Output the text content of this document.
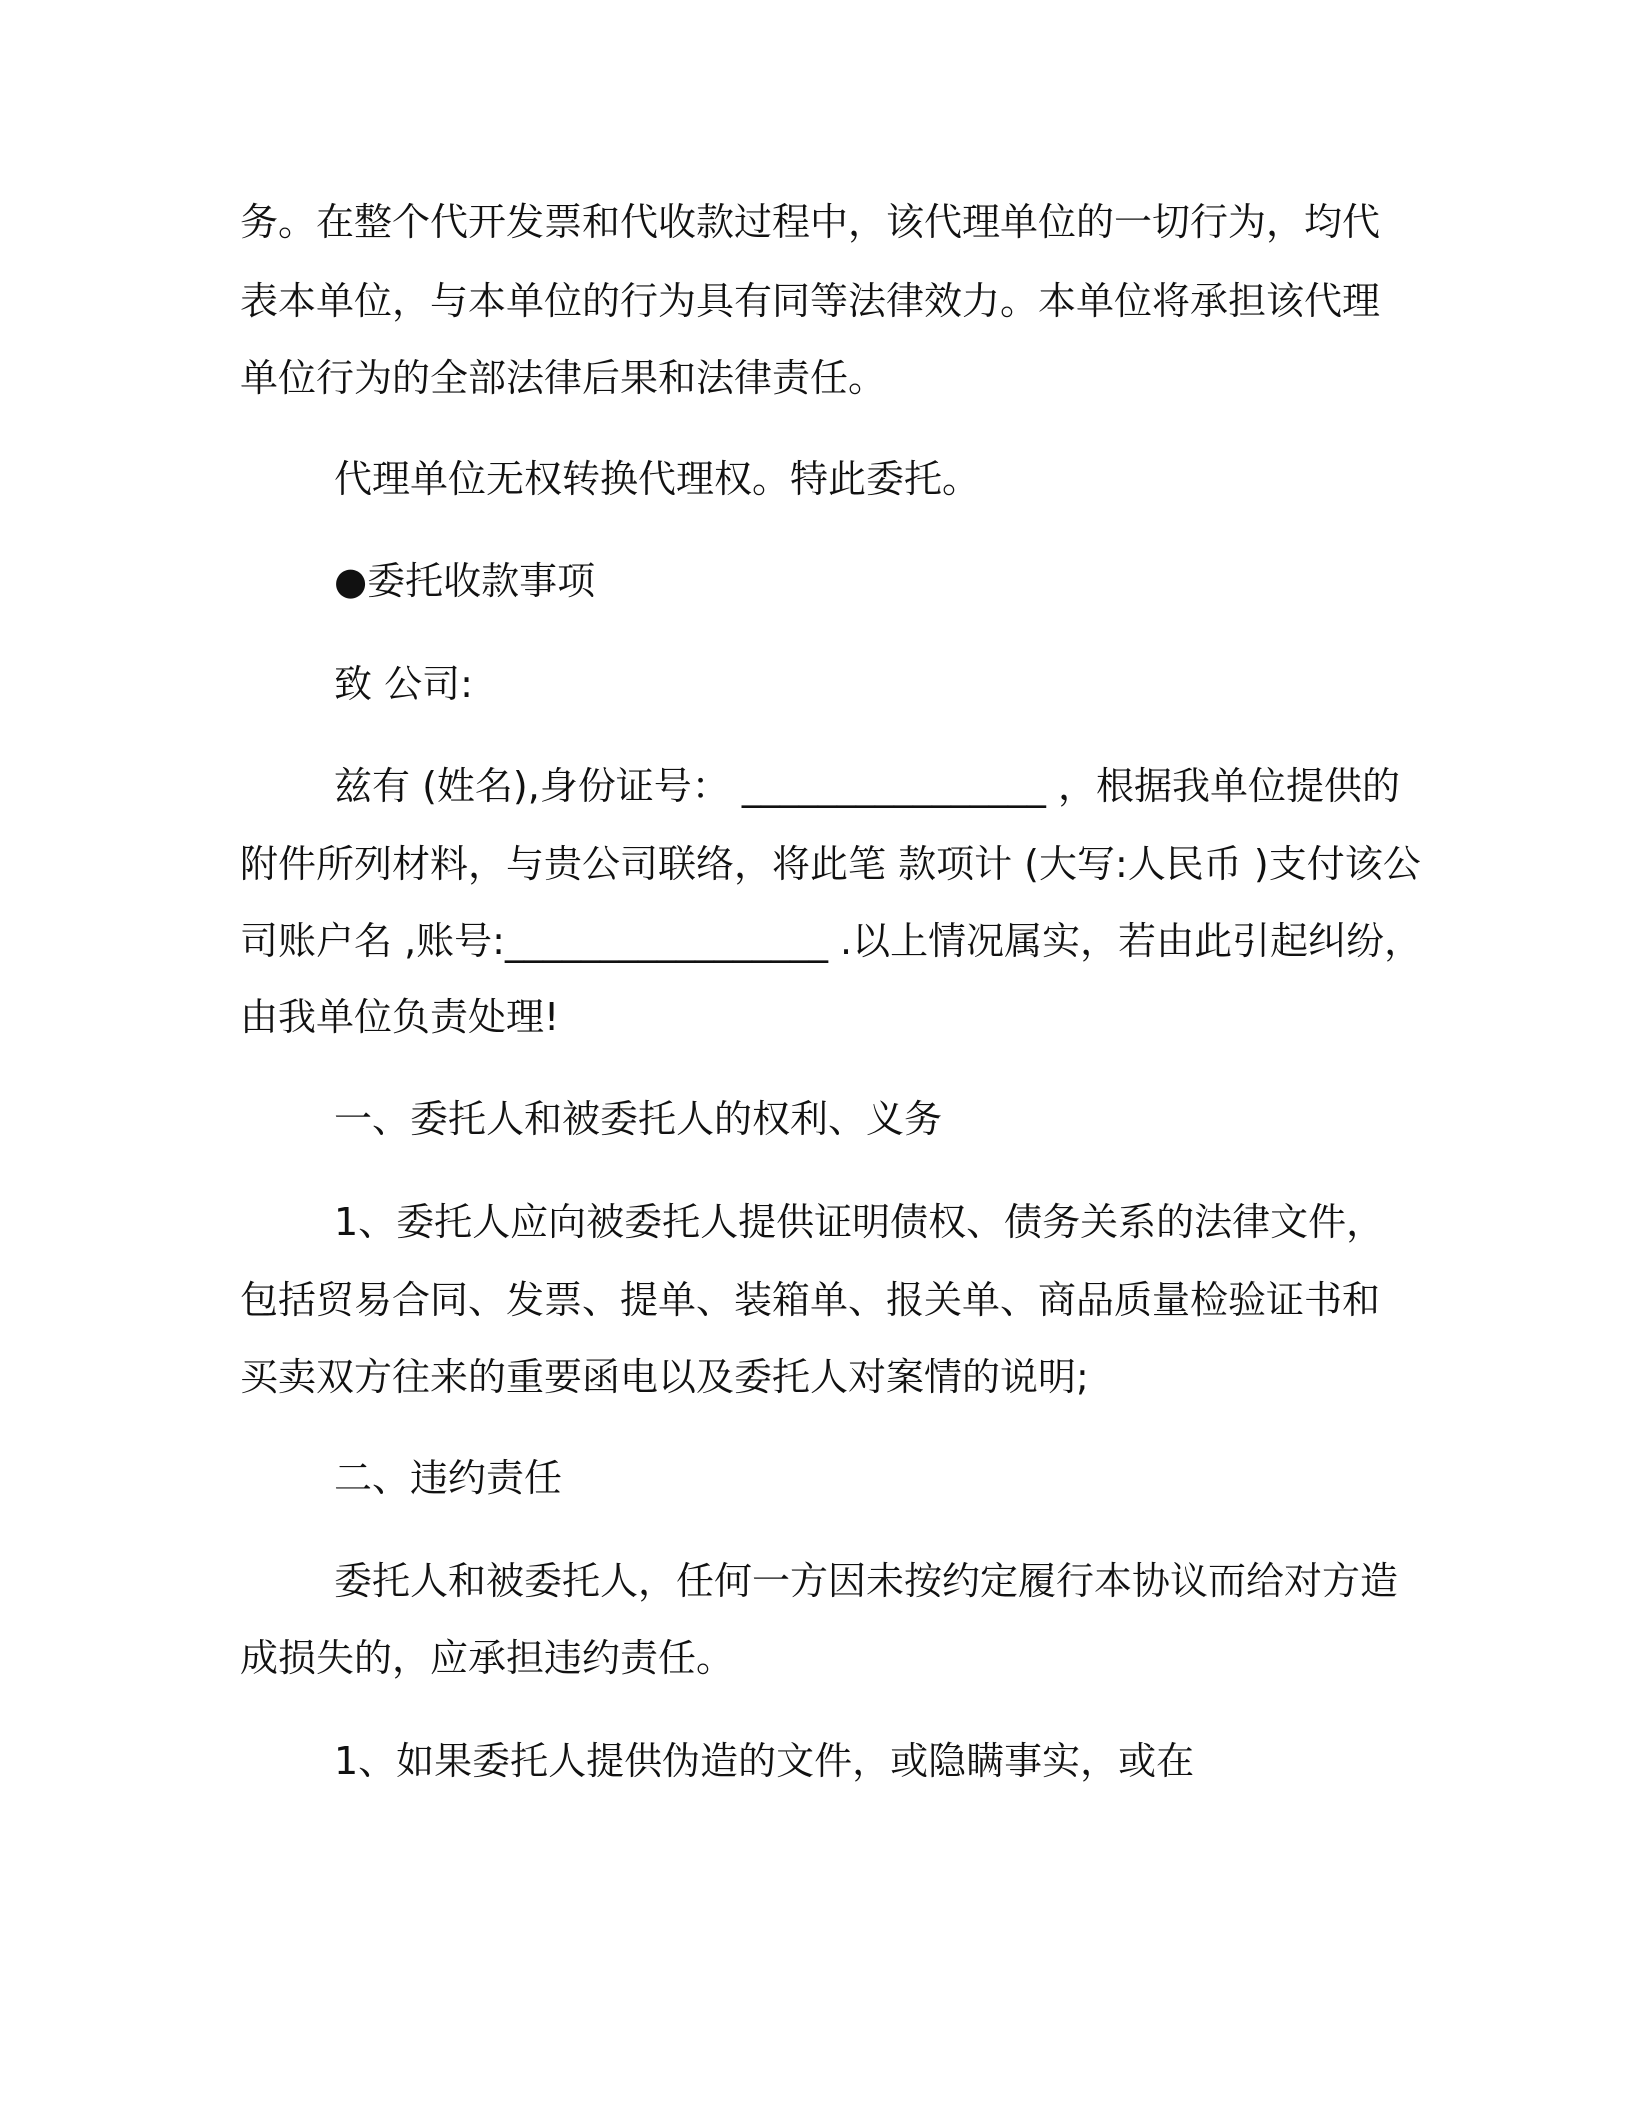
务。在整个代开发票和代收款过程中，该代理单位的一切行为，均代

表本单位，与本单位的行为具有同等法律效力。本单位将承担该代理

单位行为的全部法律后果和法律责任。

代理单位无权转换代理权。特此委托。

●委托收款事项

致 公司:

兹有 (姓名),身份证号： ________________ ，根据我单位提供的

附件所列材料，与贵公司联络，将此笔 款项计 (大写:人民币 )支付该公

司账户名 ,账号:_________________ .以上情况属实，若由此引起纠纷，

由我单位负责处理!

一、委托人和被委托人的权利、义务

1、委托人应向被委托人提供证明债权、债务关系的法律文件，

包括贸易合同、发票、提单、装箱单、报关单、商品质量检验证书和

买卖双方往来的重要函电以及委托人对案情的说明;

二、违约责任

委托人和被委托人，任何一方因未按约定履行本协议而给对方造

成损失的，应承担违约责任。

1、如果委托人提供伪造的文件，或隐瞒事实，或在
